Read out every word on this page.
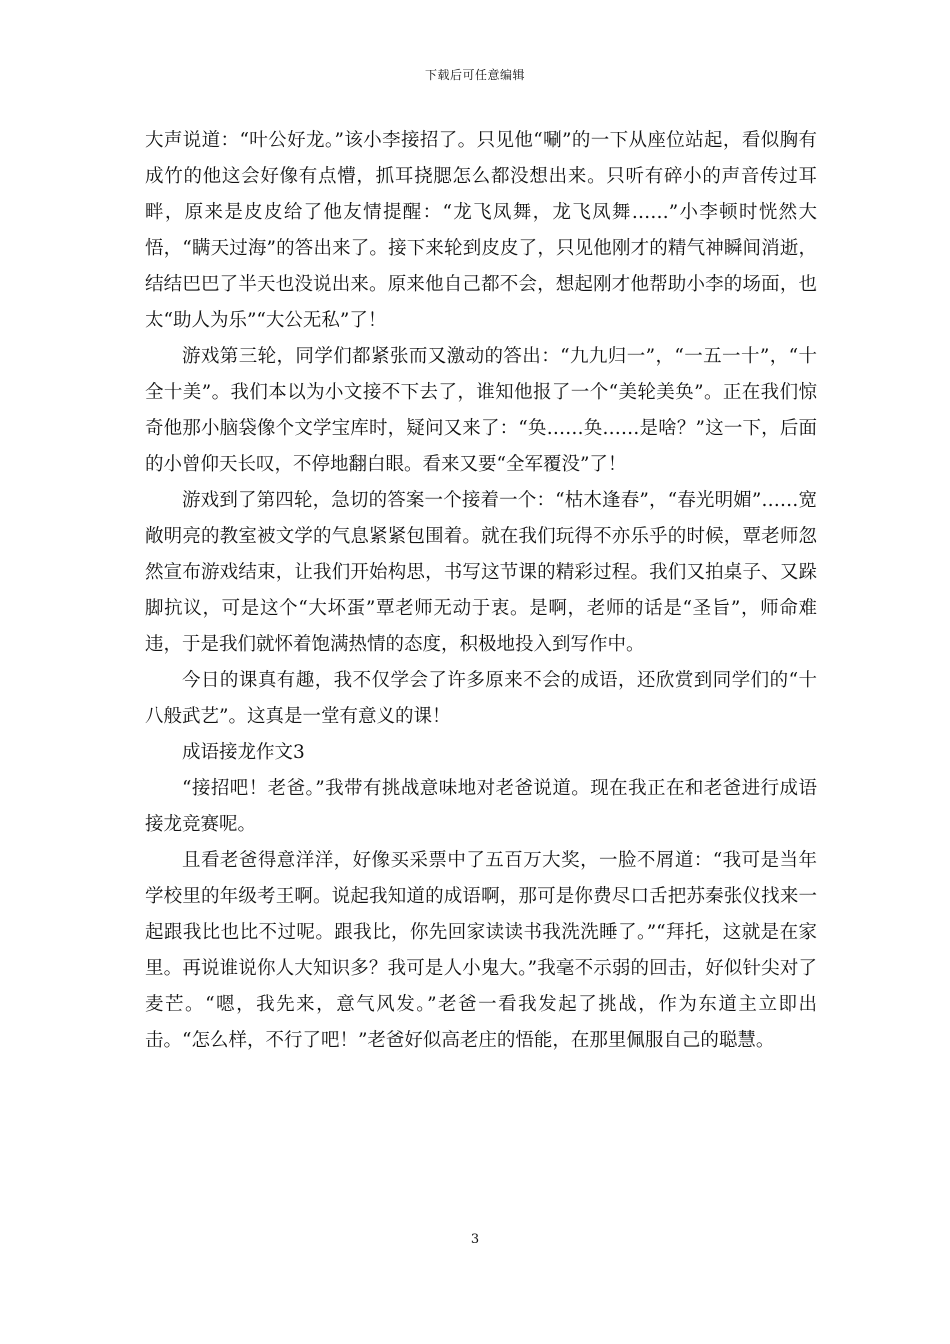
下载后可任意编辑

大声说道：“叶公好龙。”该小李接招了。只见他“唰”的一下从座位站起，看似胸有成竹的他这会好像有点懵，抓耳挠腮怎么都没想出来。只听有碎小的声音传过耳畔，原来是皮皮给了他友情提醒：“龙飞凤舞，龙飞凤舞……”小李顿时恍然大悟，“瞒天过海”的答出来了。接下来轮到皮皮了，只见他刚才的精气神瞬间消逝，结结巴巴了半天也没说出来。原来他自己都不会，想起刚才他帮助小李的场面，也太“助人为乐”“大公无私”了！

游戏第三轮，同学们都紧张而又激动的答出：“九九归一”，“一五一十”，“十全十美”。我们本以为小文接不下去了，谁知他报了一个“美轮美奂”。正在我们惊奇他那小脑袋像个文学宝库时，疑问又来了：“奂……奂……是啥？”这一下，后面的小曾仰天长叹，不停地翻白眼。看来又要“全军覆没”了！

游戏到了第四轮，急切的答案一个接着一个：“枯木逢春”，“春光明媚”……宽敞明亮的教室被文学的气息紧紧包围着。就在我们玩得不亦乐乎的时候，覃老师忽然宣布游戏结束，让我们开始构思，书写这节课的精彩过程。我们又拍桌子、又跺脚抗议，可是这个“大坏蛋”覃老师无动于衷。是啊，老师的话是“圣旨”，师命难违，于是我们就怀着饱满热情的态度，积极地投入到写作中。

今日的课真有趣，我不仅学会了许多原来不会的成语，还欣赏到同学们的“十八般武艺”。这真是一堂有意义的课！

成语接龙作文3

“接招吧！老爸。”我带有挑战意味地对老爸说道。现在我正在和老爸进行成语接龙竞赛呢。

且看老爸得意洋洋，好像买采票中了五百万大奖，一脸不屑道：“我可是当年学校里的年级考王啊。说起我知道的成语啊，那可是你费尽口舌把苏秦张仪找来一起跟我比也比不过呢。跟我比，你先回家读读书我洗洗睡了。”“拜托，这就是在家里。再说谁说你人大知识多？我可是人小鬼大。”我毫不示弱的回击，好似针尖对了麦芒。“嗯，我先来，意气风发。”老爸一看我发起了挑战，作为东道主立即出击。“怎么样，不行了吧！”老爸好似高老庄的悟能，在那里佩服自己的聪慧。

3
